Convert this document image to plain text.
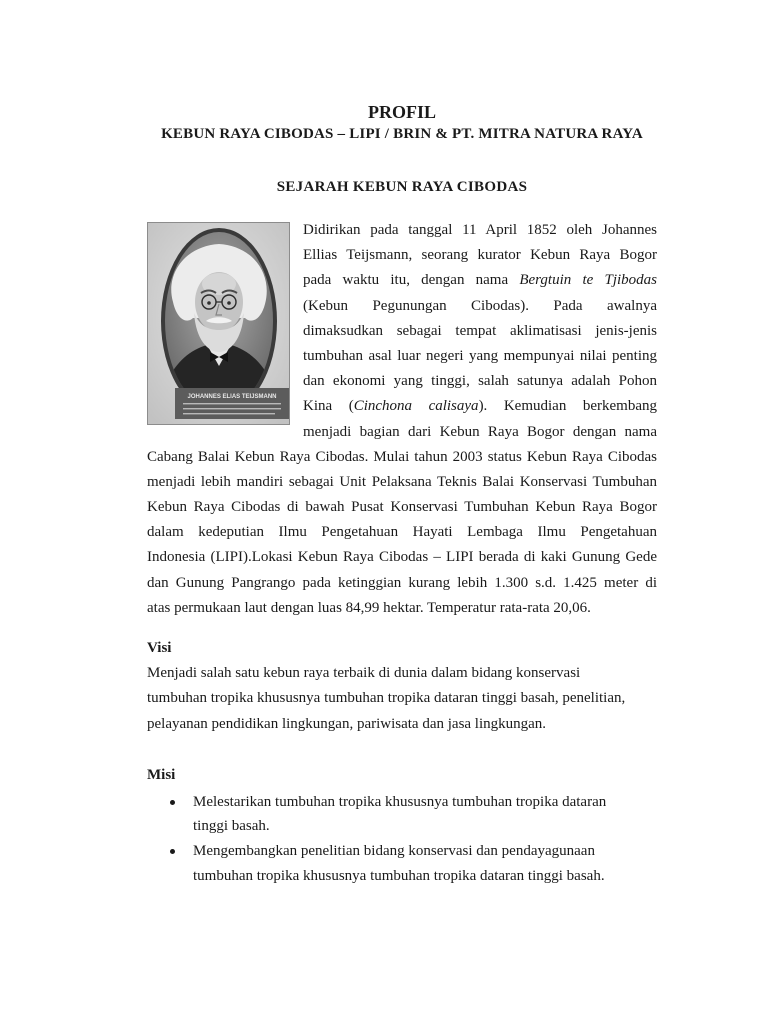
PROFIL
KEBUN RAYA CIBODAS – LIPI / BRIN & PT. MITRA NATURA RAYA
SEJARAH KEBUN RAYA CIBODAS
JOHANNES ELIAS TEIJSMANN
Didirikan pada tanggal 11 April 1852 oleh Johannes
Ellias Teijsmann, seorang kurator Kebun Raya Bogor
pada waktu itu, dengan nama Bergtuin te Tjibodas
(Kebun Pegunungan Cibodas). Pada awalnya
dimaksudkan sebagai tempat aklimatisasi jenis-jenis
tumbuhan asal luar negeri yang mempunyai nilai penting
dan ekonomi yang tinggi, salah satunya adalah Pohon
Kina (Cinchona calisaya). Kemudian berkembang
menjadi bagian dari Kebun Raya Bogor dengan nama
Cabang Balai Kebun Raya Cibodas. Mulai tahun 2003 status Kebun Raya Cibodas
menjadi lebih mandiri sebagai Unit Pelaksana Teknis Balai Konservasi Tumbuhan
Kebun Raya Cibodas di bawah Pusat Konservasi Tumbuhan Kebun Raya Bogor
dalam kedeputian Ilmu Pengetahuan Hayati Lembaga Ilmu Pengetahuan
Indonesia (LIPI).Lokasi Kebun Raya Cibodas – LIPI berada di kaki Gunung Gede
dan Gunung Pangrango pada ketinggian kurang lebih 1.300 s.d. 1.425 meter di
atas permukaan laut dengan luas 84,99 hektar. Temperatur rata-rata 20,06.
Visi
Menjadi salah satu kebun raya terbaik di dunia dalam bidang konservasi
tumbuhan tropika khususnya tumbuhan tropika dataran tinggi basah, penelitian,
pelayanan pendidikan lingkungan, pariwisata dan jasa lingkungan.
Misi
Melestarikan tumbuhan tropika khususnya tumbuhan tropika dataran
tinggi basah.
Mengembangkan penelitian bidang konservasi dan pendayagunaan
tumbuhan tropika khususnya tumbuhan tropika dataran tinggi basah.
